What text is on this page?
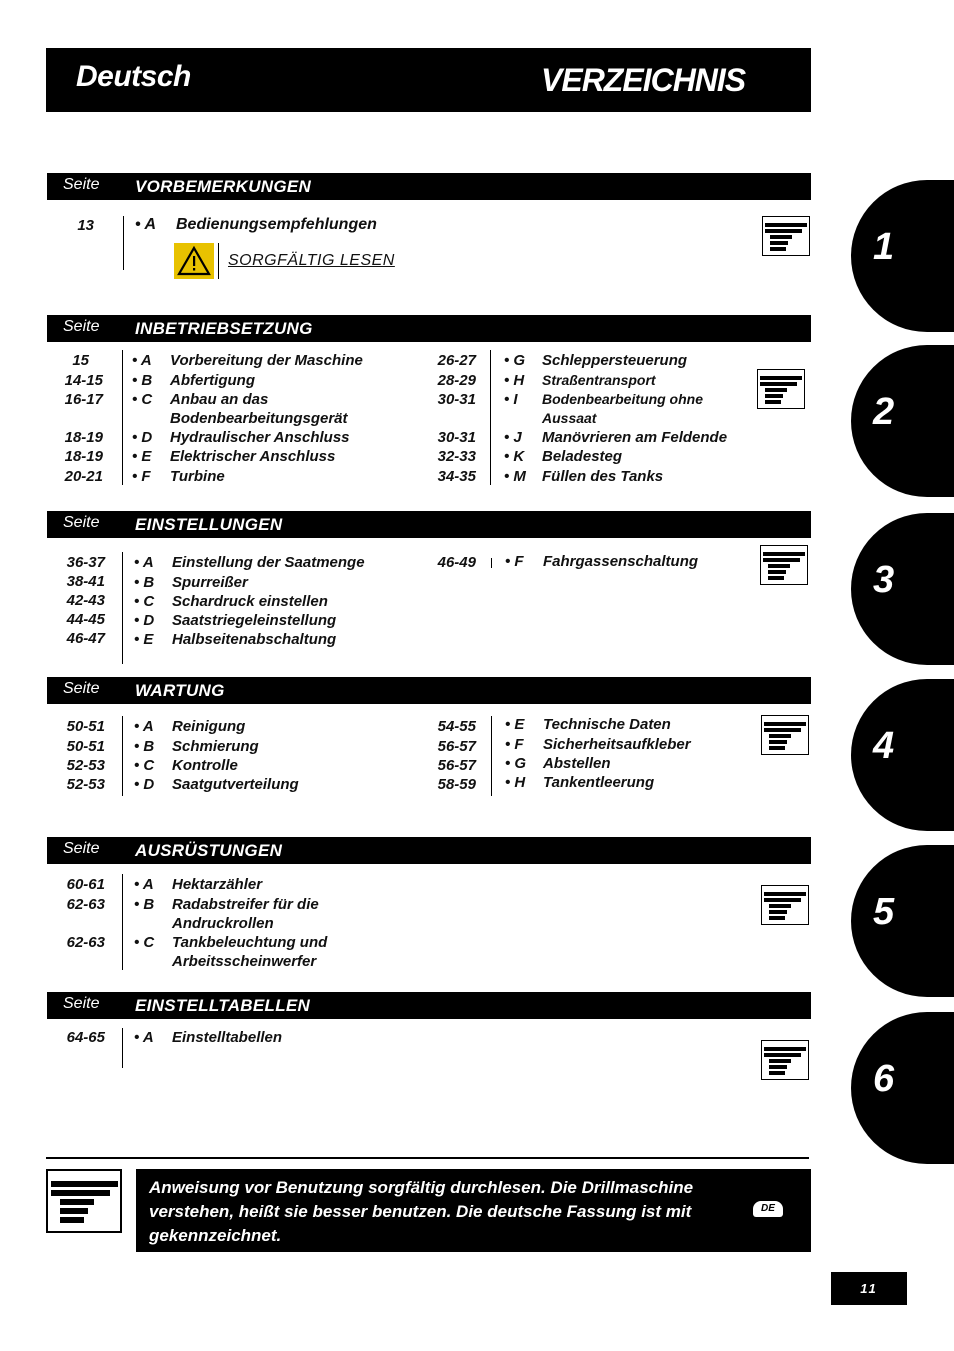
Deutsch	VERZEICHNIS
Seite VORBEMERKUNGEN
13	• A Bedienungsempfehlungen
SORGFÄLTIG LESEN
Seite INBETRIEBSETZUNG
15
14-15
16-17
18-19
18-19
20-21
• A Vorbereitung der Maschine
• B Abfertigung
• C Anbau an das
Bodenbearbeitungsgerät
• D Hydraulischer Anschluss
• E Elektrischer Anschluss
• F Turbine
26-27
28-29
30-31
30-31
32-33
34-35
• G Schleppersteuerung
• H Straßentransport
• I Bodenbearbeitung ohne
Aussaat
• J Manövrieren am Feldende
• K Beladesteg
• M Füllen des Tanks
Seite EINSTELLUNGEN
36-37
38-41
42-43
44-45
46-47
• A Einstellung der Saatmenge
• B Spurreißer
• C Schardruck einstellen
• D Saatstriegeleinstellung
• E Halbseitenabschaltung
46-49 • F Fahrgassenschaltung
Seite WARTUNG
50-51
50-51
52-53
52-53
• A Reinigung
• B Schmierung
• C Kontrolle
• D Saatgutverteilung
54-55
56-57
56-57
58-59
• E Technische Daten
• F Sicherheitsaufkleber
• G Abstellen
• H Tankentleerung
Seite AUSRÜSTUNGEN
60-61
62-63
62-63
• A Hektarzähler
• B Radabstreifer für die
Andruckrollen
• C Tankbeleuchtung und
Arbeitsscheinwerfer
Seite EINSTELLTABELLEN
64-65 • A Einstelltabellen
1
2
3
4
5
6

Anweisung vor Benutzung sorgfältig durchlesen. Die Drillmaschine verstehen, heißt sie besser benutzen. Die deutsche Fassung ist mit gekennzeichnet.

DE
11
